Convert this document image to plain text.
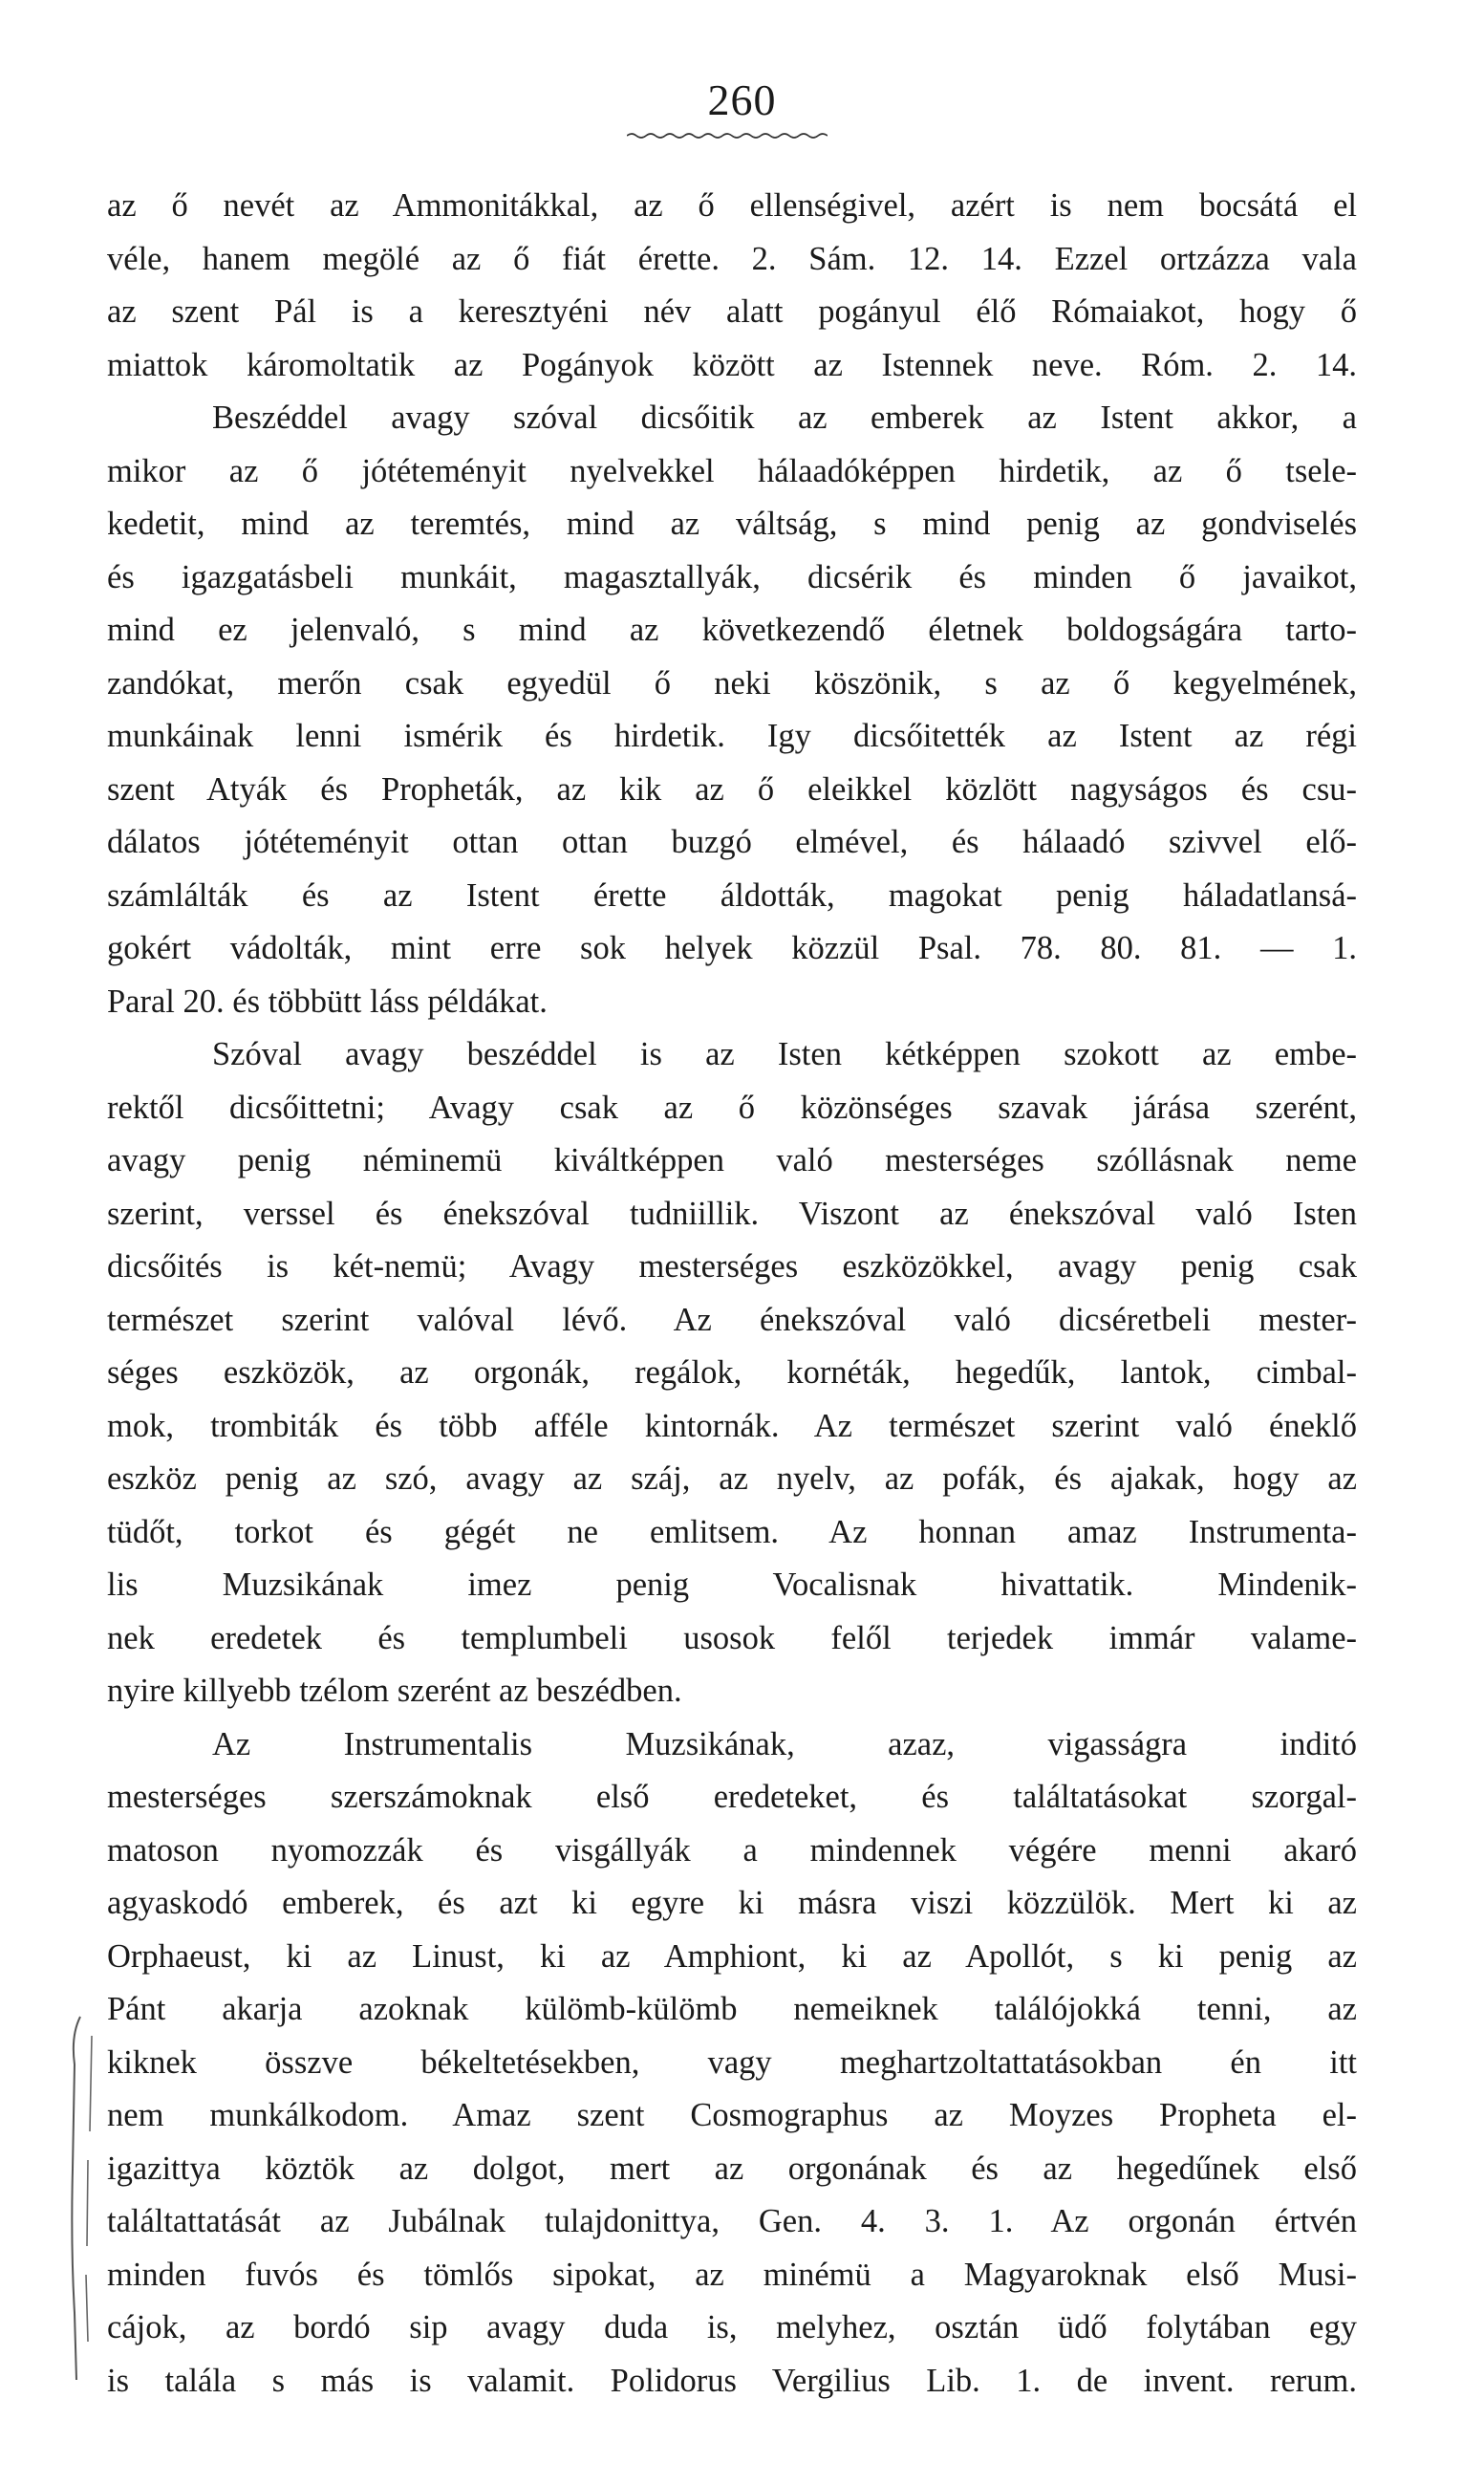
260
az ő nevét az Ammonitákkal, az ő ellenségivel, azért is nem bocsátá el
véle, hanem megölé az ő fiát érette. 2. Sám. 12. 14. Ezzel ortzázza vala
az szent Pál is a keresztyéni név alatt pogányul élő Rómaiakot, hogy ő
miattok káromoltatik az Pogányok között az Istennek neve. Róm. 2. 14.
Beszéddel avagy szóval dicsőitik az emberek az Istent akkor, a
mikor az ő jótéteményit nyelvekkel hálaadóképpen hirdetik, az ő tsele-
kedetit, mind az teremtés, mind az váltság, s mind penig az gondviselés
és igazgatásbeli munkáit, magasztallyák, dicsérik és minden ő javaikot,
mind ez jelenvaló, s mind az következendő életnek boldogságára tarto-
zandókat, merőn csak egyedül ő neki köszönik, s az ő kegyelmének,
munkáinak lenni ismérik és hirdetik. Igy dicsőitették az Istent az régi
szent Atyák és Propheták, az kik az ő eleikkel közlött nagyságos és csu-
dálatos jótéteményit ottan ottan buzgó elmével, és hálaadó szivvel elő-
számlálták és az Istent érette áldották, magokat penig háladatlansá-
gokért vádolták, mint erre sok helyek közzül Psal. 78. 80. 81. — 1.
Paral 20. és többütt láss példákat.
Szóval avagy beszéddel is az Isten kétképpen szokott az embe-
rektől dicsőittetni; Avagy csak az ő közönséges szavak járása szerént,
avagy penig néminemü kiváltképpen való mesterséges szóllásnak neme
szerint, verssel és énekszóval tudniillik. Viszont az énekszóval való Isten
dicsőités is két-nemü; Avagy mesterséges eszközökkel, avagy penig csak
természet szerint valóval lévő. Az énekszóval való dicséretbeli mester-
séges eszközök, az orgonák, regálok, kornéták, hegedűk, lantok, cimbal-
mok, trombiták és több afféle kintornák. Az természet szerint való éneklő
eszköz penig az szó, avagy az száj, az nyelv, az pofák, és ajakak, hogy az
tüdőt, torkot és gégét ne emlitsem. Az honnan amaz Instrumenta-
lis Muzsikának imez penig Vocalisnak hivattatik. Mindenik-
nek eredetek és templumbeli usosok felől terjedek immár valame-
nyire killyebb tzélom szerént az beszédben.
Az Instrumentalis Muzsikának, azaz, vigasságra inditó
mesterséges szerszámoknak első eredeteket, és találtatásokat szorgal-
matoson nyomozzák és visgállyák a mindennek végére menni akaró
agyaskodó emberek, és azt ki egyre ki másra viszi közzülök. Mert ki az
Orphaeust, ki az Linust, ki az Amphiont, ki az Apollót, s ki penig az
Pánt akarja azoknak külömb-külömb nemeiknek találójokká tenni, az
kiknek összve békeltetésekben, vagy meghartzoltattatásokban én itt
nem munkálkodom. Amaz szent Cosmographus az Moyzes Propheta el-
igazittya köztök az dolgot, mert az orgonának és az hegedűnek első
találtattatását az Jubálnak tulajdonittya, Gen. 4. 3. 1. Az orgonán értvén
minden fuvós és tömlős sipokat, az minémü a Magyaroknak első Musi-
cájok, az bordó sip avagy duda is, melyhez, osztán üdő folytában egy
is találа s más is valamit. Polidorus Vergilius Lib. 1. de invent. rerum.
